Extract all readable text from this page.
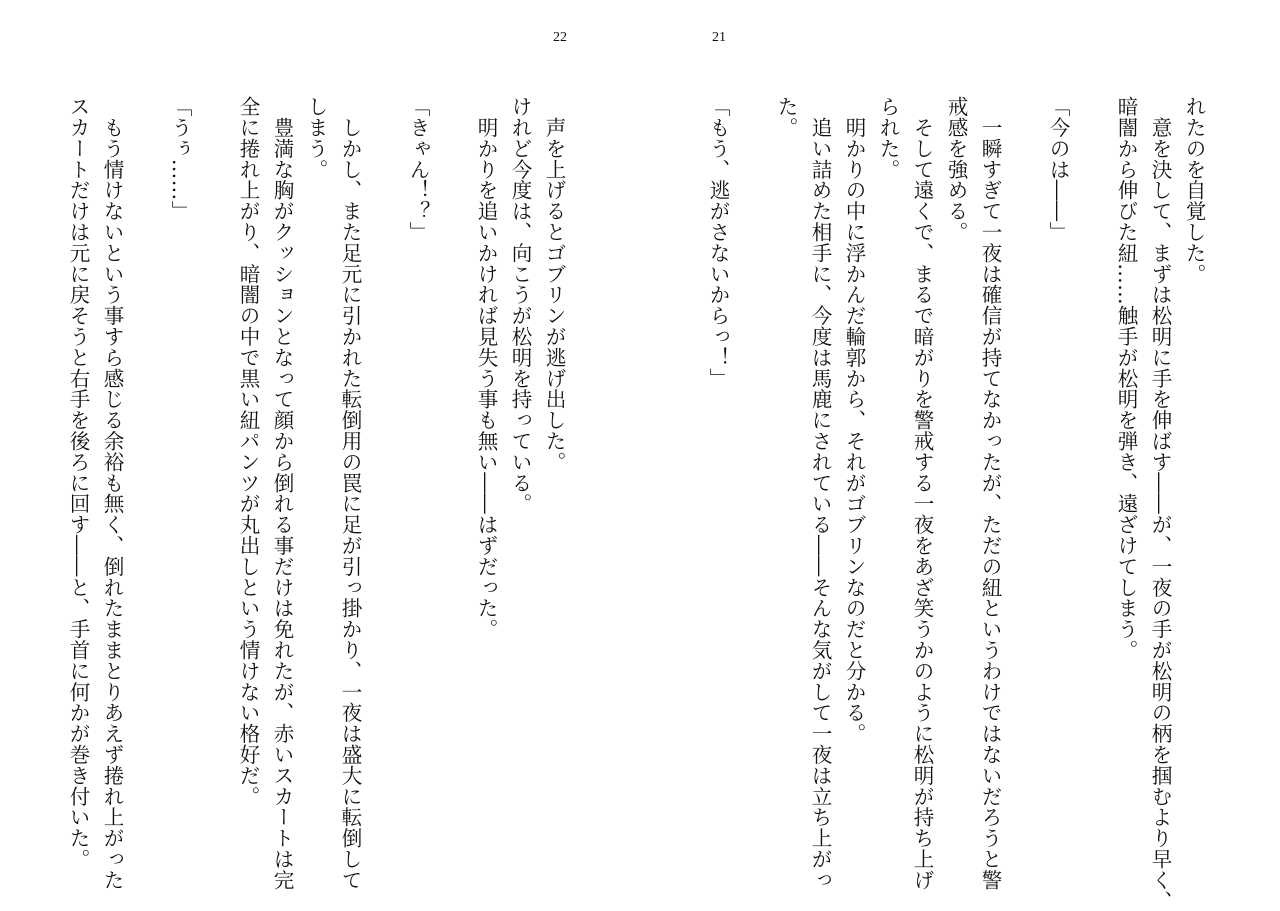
22	21
れたのを自覚した。
　意を決して、まずは松明に手を伸ばす――が、一夜の手が松明の柄を掴むより早く、
暗闇から伸びた紐……触手が松明を弾き、遠ざけてしまう。
「今のは――」
　一瞬すぎて一夜は確信が持てなかったが、ただの紐というわけではないだろうと警
戒感を強める。
　そして遠くで、まるで暗がりを警戒する一夜をあざ笑うかのように松明が持ち上げ
られた。
　明かりの中に浮かんだ輪郭から、それがゴブリンなのだと分かる。
　追い詰めた相手に、今度は馬鹿にされている――そんな気がして一夜は立ち上がっ
た。
「もう、逃がさないからっ！」
　声を上げるとゴブリンが逃げ出した。
けれど今度は、向こうが松明を持っている。
　明かりを追いかければ見失う事も無い――はずだった。
「きゃん！？」
　しかし、また足元に引かれた転倒用の罠に足が引っ掛かり、一夜は盛大に転倒して
しまう。
　豊満な胸がクッションとなって顔から倒れる事だけは免れたが、赤いスカートは完
全に捲れ上がり、暗闇の中で黒い紐パンツが丸出しという情けない格好だ。
「うぅ……」
　もう情けないという事すら感じる余裕も無く、倒れたままとりあえず捲れ上がった
スカートだけは元に戻そうと右手を後ろに回す――と、手首に何かが巻き付いた。
